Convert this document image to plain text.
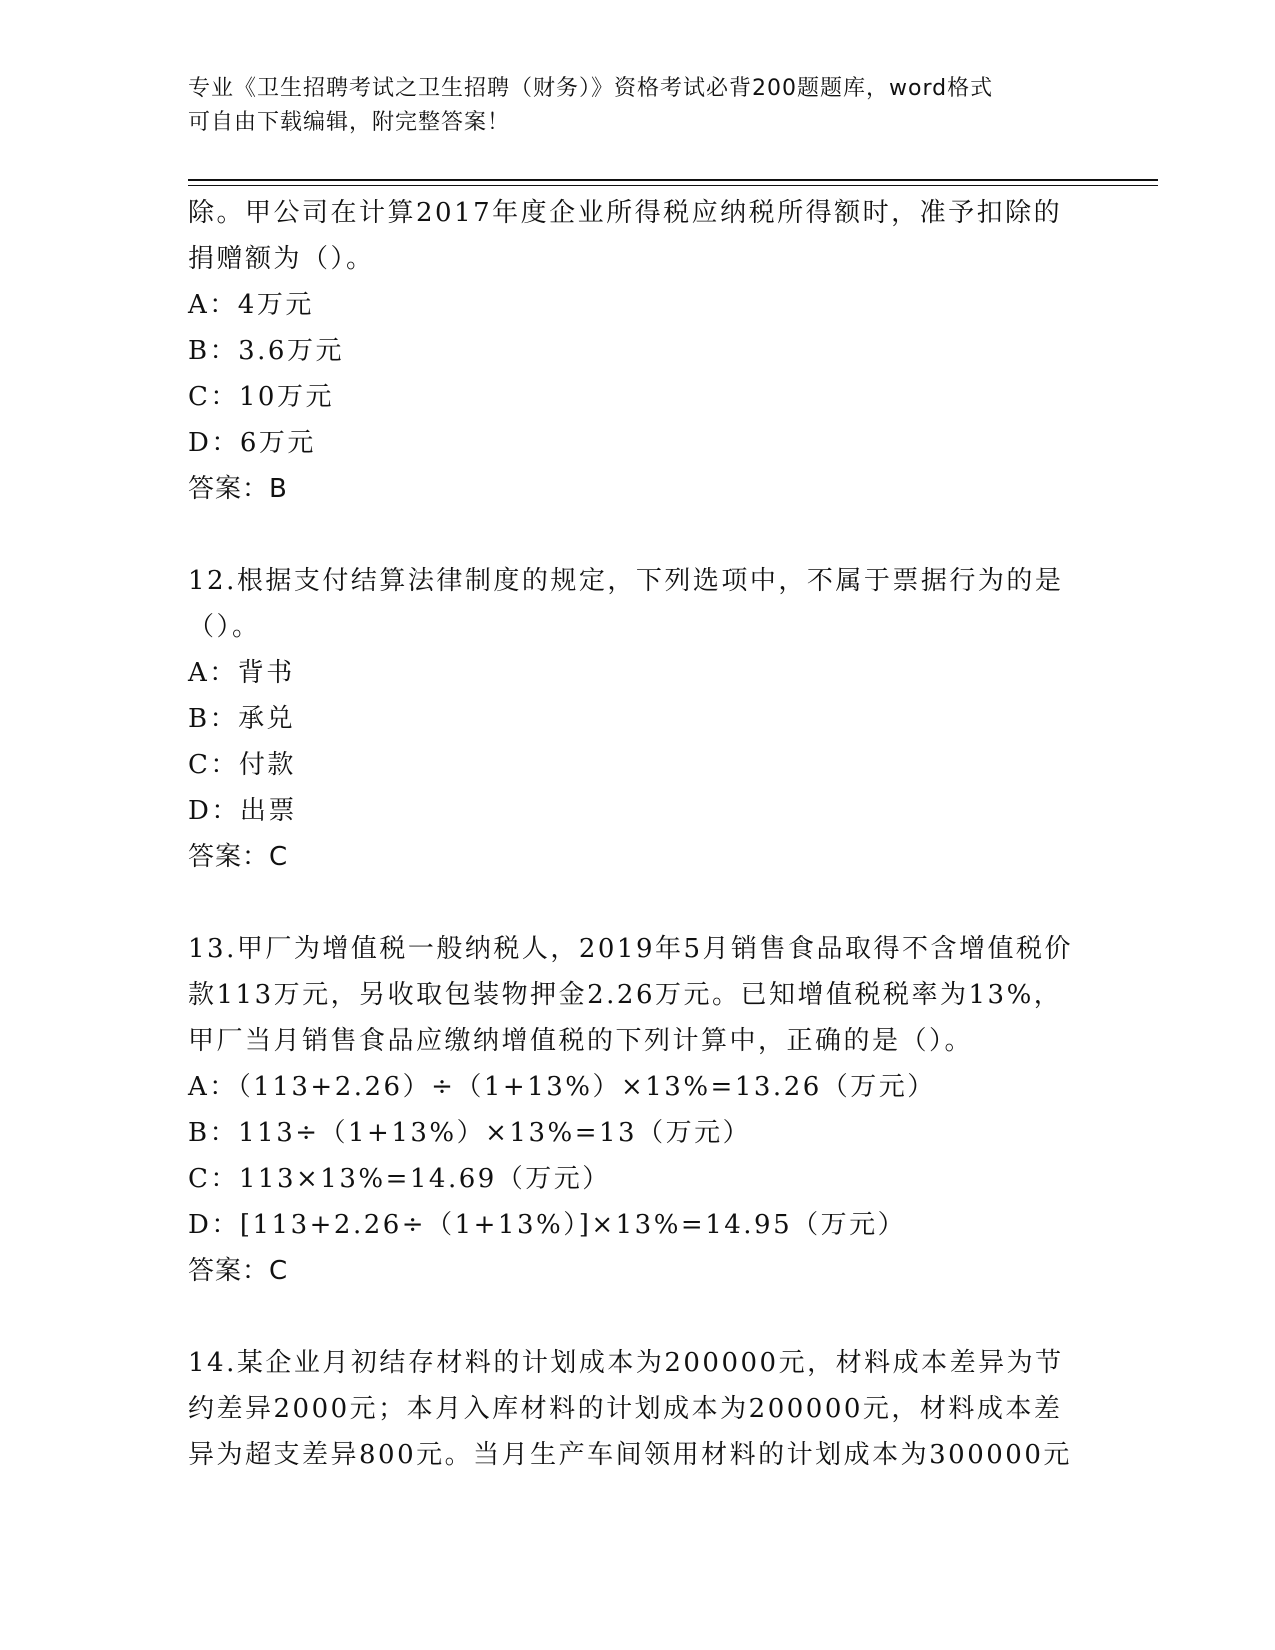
专业《卫生招聘考试之卫生招聘（财务）》资格考试必背200题题库，word格式
可自由下载编辑，附完整答案！
除。甲公司在计算2017年度企业所得税应纳税所得额时，准予扣除的
捐赠额为（）。
A：4万元
B：3.6万元
C：10万元
D：6万元
答案：B
12.根据支付结算法律制度的规定，下列选项中，不属于票据行为的是
（）。
A：背书
B：承兑
C：付款
D：出票
答案：C
13.甲厂为增值税一般纳税人，2019年5月销售食品取得不含增值税价
款113万元，另收取包装物押金2.26万元。已知增值税税率为13%，
甲厂当月销售食品应缴纳增值税的下列计算中，正确的是（）。
A：（113+2.26）÷（1+13%）×13%=13.26（万元）
B：113÷（1+13%）×13%=13（万元）
C：113×13%=14.69（万元）
D：[113+2.26÷（1+13%）]×13%=14.95（万元）
答案：C
14.某企业月初结存材料的计划成本为200000元，材料成本差异为节
约差异2000元；本月入库材料的计划成本为200000元，材料成本差
异为超支差异800元。当月生产车间领用材料的计划成本为300000元
